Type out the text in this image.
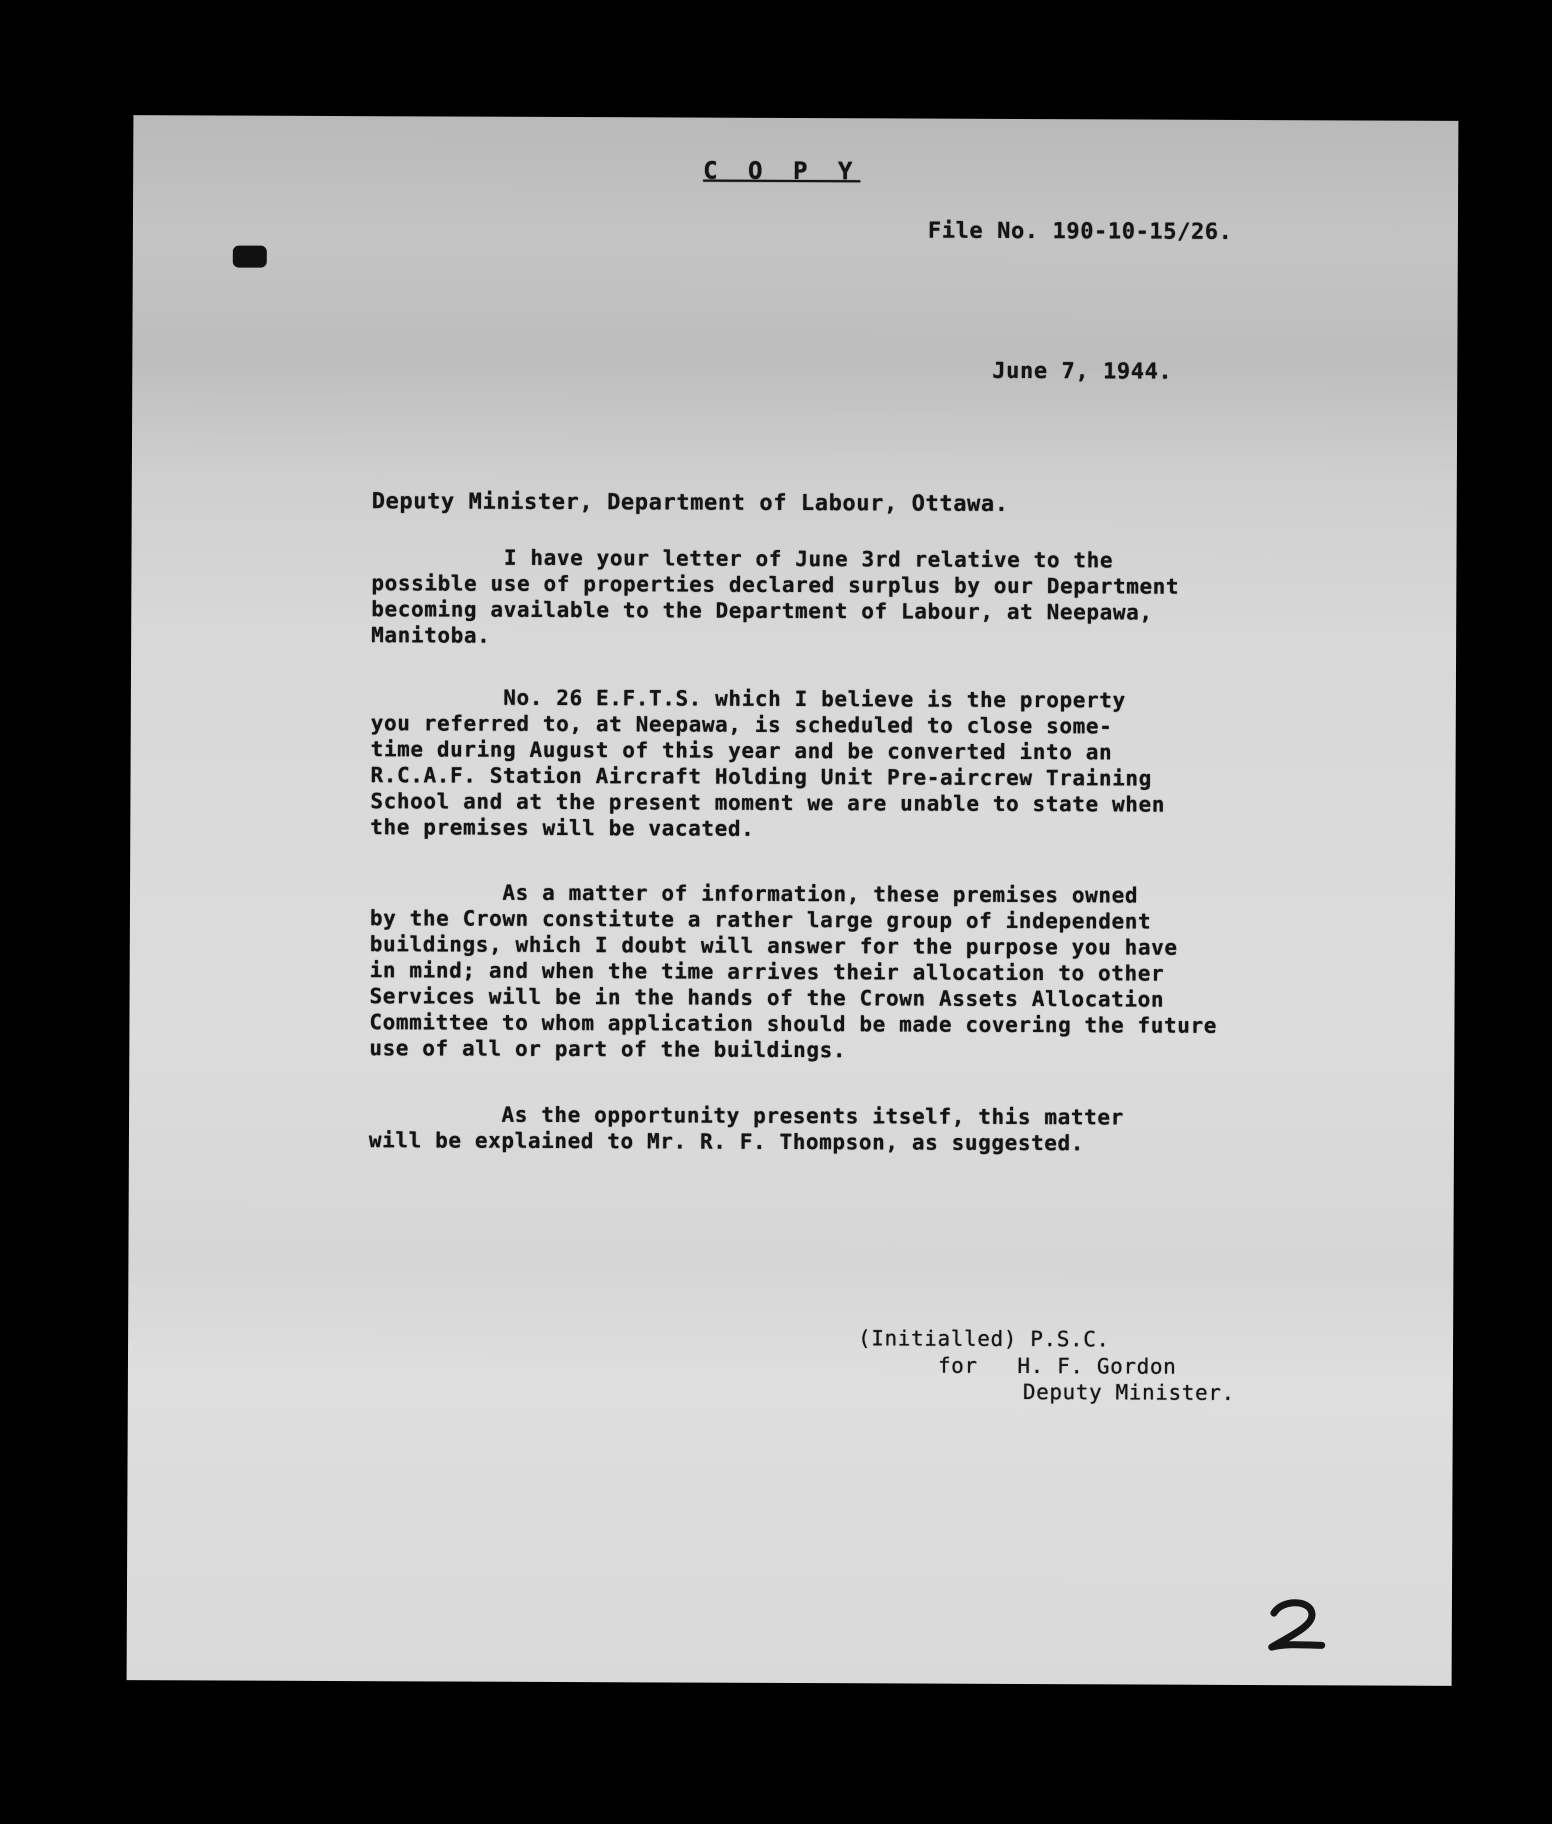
C O P Y
File No. 190-10-15/26.
June 7, 1944.
Deputy Minister, Department of Labour, Ottawa.
I have your letter of June 3rd relative to the
possible use of properties declared surplus by our Department
becoming available to the Department of Labour, at Neepawa,
Manitoba.
No. 26 E.F.T.S. which I believe is the property
you referred to, at Neepawa, is scheduled to close some-
time during August of this year and be converted into an
R.C.A.F. Station Aircraft Holding Unit Pre-aircrew Training
School and at the present moment we are unable to state when
the premises will be vacated.
As a matter of information, these premises owned
by the Crown constitute a rather large group of independent
buildings, which I doubt will answer for the purpose you have
in mind; and when the time arrives their allocation to other
Services will be in the hands of the Crown Assets Allocation
Committee to whom application should be made covering the future
use of all or part of the buildings.
As the opportunity presents itself, this matter
will be explained to Mr. R. F. Thompson, as suggested.
(Initialled) P.S.C.
for   H. F. Gordon
Deputy Minister.
